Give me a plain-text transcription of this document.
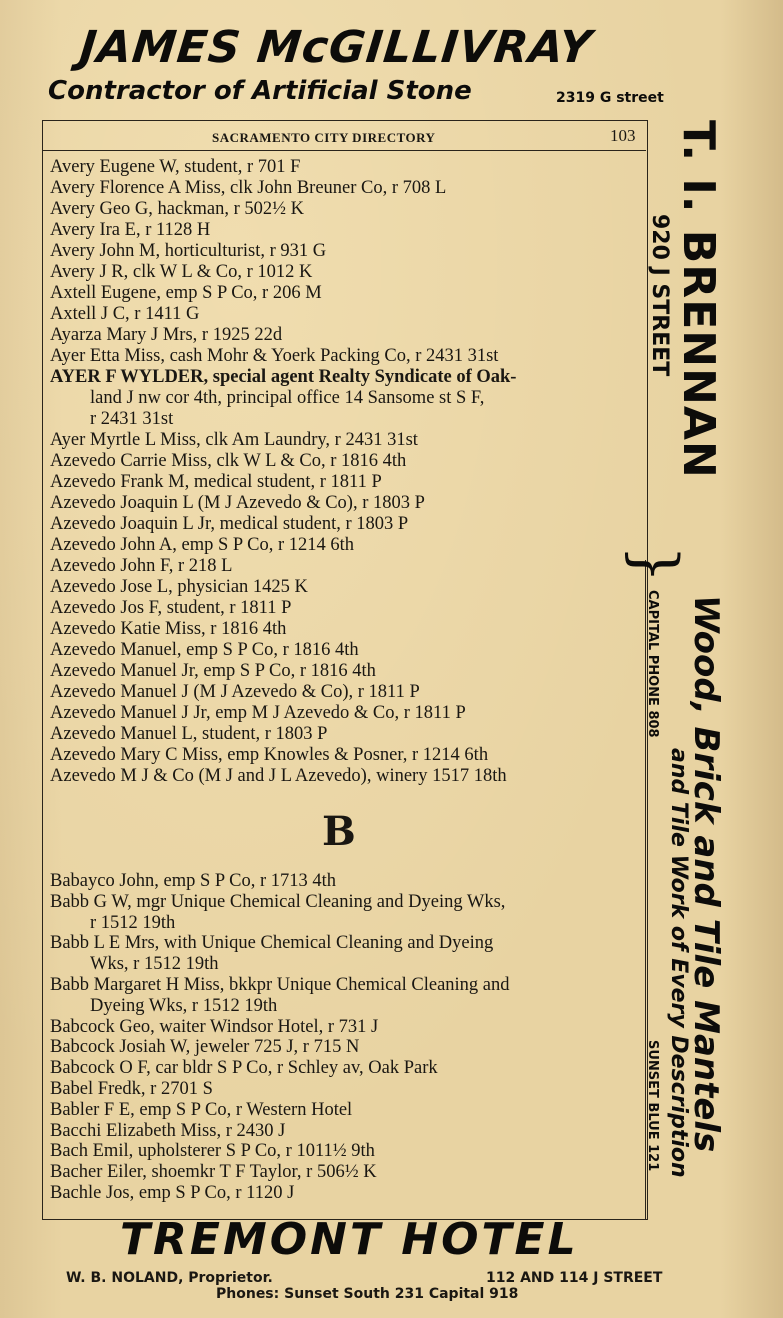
JAMES McGILLIVRAY
Contractor of Artificial Stone	2319 G street
SACRAMENTO CITY DIRECTORY	103
Avery Eugene W, student, r 701 F
Avery Florence A Miss, clk John Breuner Co, r 708 L
Avery Geo G, hackman, r 502½ K
Avery Ira E, r 1128 H
Avery John M, horticulturist, r 931 G
Avery J R, clk W L & Co, r 1012 K
Axtell Eugene, emp S P Co, r 206 M
Axtell J C, r 1411 G
Ayarza Mary J Mrs, r 1925 22d
Ayer Etta Miss, cash Mohr & Yoerk Packing Co, r 2431 31st
AYER F WYLDER, special agent Realty Syndicate of Oak-
land J nw cor 4th, principal office 14 Sansome st S F,
r 2431 31st
Ayer Myrtle L Miss, clk Am Laundry, r 2431 31st
Azevedo Carrie Miss, clk W L & Co, r 1816 4th
Azevedo Frank M, medical student, r 1811 P
Azevedo Joaquin L (M J Azevedo & Co), r 1803 P
Azevedo Joaquin L Jr, medical student, r 1803 P
Azevedo John A, emp S P Co, r 1214 6th
Azevedo John F, r 218 L
Azevedo Jose L, physician 1425 K
Azevedo Jos F, student, r 1811 P
Azevedo Katie Miss, r 1816 4th
Azevedo Manuel, emp S P Co, r 1816 4th
Azevedo Manuel Jr, emp S P Co, r 1816 4th
Azevedo Manuel J (M J Azevedo & Co), r 1811 P
Azevedo Manuel J Jr, emp M J Azevedo & Co, r 1811 P
Azevedo Manuel L, student, r 1803 P
Azevedo Mary C Miss, emp Knowles & Posner, r 1214 6th
Azevedo M J & Co (M J and J L Azevedo), winery 1517 18th
B
Babayco John, emp S P Co, r 1713 4th
Babb G W, mgr Unique Chemical Cleaning and Dyeing Wks,
r 1512 19th
Babb L E Mrs, with Unique Chemical Cleaning and Dyeing
Wks, r 1512 19th
Babb Margaret H Miss, bkkpr Unique Chemical Cleaning and
Dyeing Wks, r 1512 19th
Babcock Geo, waiter Windsor Hotel, r 731 J
Babcock Josiah W, jeweler 725 J, r 715 N
Babcock O F, car bldr S P Co, r Schley av, Oak Park
Babel Fredk, r 2701 S
Babler F E, emp S P Co, r Western Hotel
Bacchi Elizabeth Miss, r 2430 J
Bach Emil, upholsterer S P Co, r 1011½ 9th
Bacher Eiler, shoemkr T F Taylor, r 506½ K
Bachle Jos, emp S P Co, r 1120 J
T. I. BRENNAN
920 J STREET
}
Wood, Brick and Tile Mantels
and Tile Work of Every Description
CAPITAL PHONE 808
SUNSET BLUE 121
TREMONT HOTEL
W. B. NOLAND, Proprietor.	112 AND 114 J STREET
Phones: Sunset South 231 Capital 918
